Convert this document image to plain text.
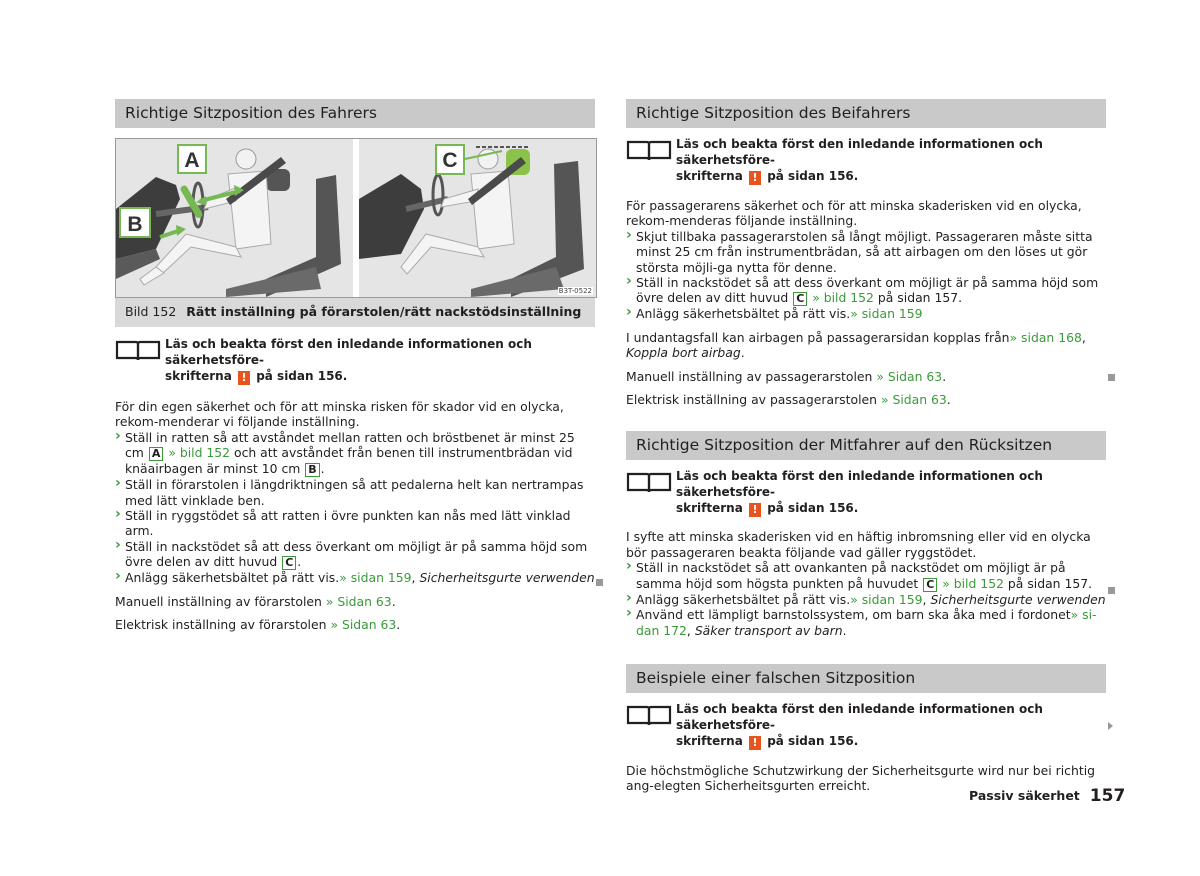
Richtige Sitzposition des Fahrers
A
B
C
B3T-0522
Bild 152 Rätt inställning på förarstolen/rätt nackstödsinställning
Läs och beakta först den inledande informationen och säkerhetsföre-
skrifterna ! på sidan 156.

För din egen säkerhet och för att minska risken för skador vid en olycka, rekom-menderar vi följande inställning.

› Ställ in ratten så att avståndet mellan ratten och bröstbenet är minst 25 cm A » bild 152 och att avståndet från benen till instrumentbrädan vid knäairbagen är minst 10 cm B .

› Ställ in förarstolen i längdriktningen så att pedalerna helt kan nertrampas med lätt vinklade ben.

› Ställ in ryggstödet så att ratten i övre punkten kan nås med lätt vinklad arm.

› Ställ in nackstödet så att dess överkant om möjligt är på samma höjd som övre delen av ditt huvud C .

› Anlägg säkerhetsbältet på rätt vis.» sidan 159, Sicherheitsgurte verwenden

Manuell inställning av förarstolen » Sidan 63.

Elektrisk inställning av förarstolen » Sidan 63.

Richtige Sitzposition des Beifahrers
Läs och beakta först den inledande informationen och säkerhetsföre-
skrifterna ! på sidan 156.

För passagerarens säkerhet och för att minska skaderisken vid en olycka, rekom-menderas följande inställning.

› Skjut tillbaka passagerarstolen så långt möjligt. Passageraren måste sitta minst 25 cm från instrumentbrädan, så att airbagen om den löses ut gör största möjli-ga nytta för denne.

› Ställ in nackstödet så att dess överkant om möjligt är på samma höjd som övre delen av ditt huvud C » bild 152 på sidan 157.

› Anlägg säkerhetsbältet på rätt vis.» sidan 159

I undantagsfall kan airbagen på passagerarsidan kopplas från» sidan 168, Koppla bort airbag.

Manuell inställning av passagerarstolen » Sidan 63.

Elektrisk inställning av passagerarstolen » Sidan 63.

Richtige Sitzposition der Mitfahrer auf den Rücksitzen
Läs och beakta först den inledande informationen och säkerhetsföre-
skrifterna ! på sidan 156.

I syfte att minska skaderisken vid en häftig inbromsning eller vid en olycka bör passageraren beakta följande vad gäller ryggstödet.

› Ställ in nackstödet så att ovankanten på nackstödet om möjligt är på samma höjd som högsta punkten på huvudet C » bild 152 på sidan 157.

› Anlägg säkerhetsbältet på rätt vis.» sidan 159, Sicherheitsgurte verwenden

› Använd ett lämpligt barnstolssystem, om barn ska åka med i fordonet» si-dan 172, Säker transport av barn.

Beispiele einer falschen Sitzposition
Läs och beakta först den inledande informationen och säkerhetsföre-
skrifterna ! på sidan 156.

Die höchstmögliche Schutzwirkung der Sicherheitsgurte wird nur bei richtig ang-elegten Sicherheitsgurten erreicht.

Passiv säkerhet 157
